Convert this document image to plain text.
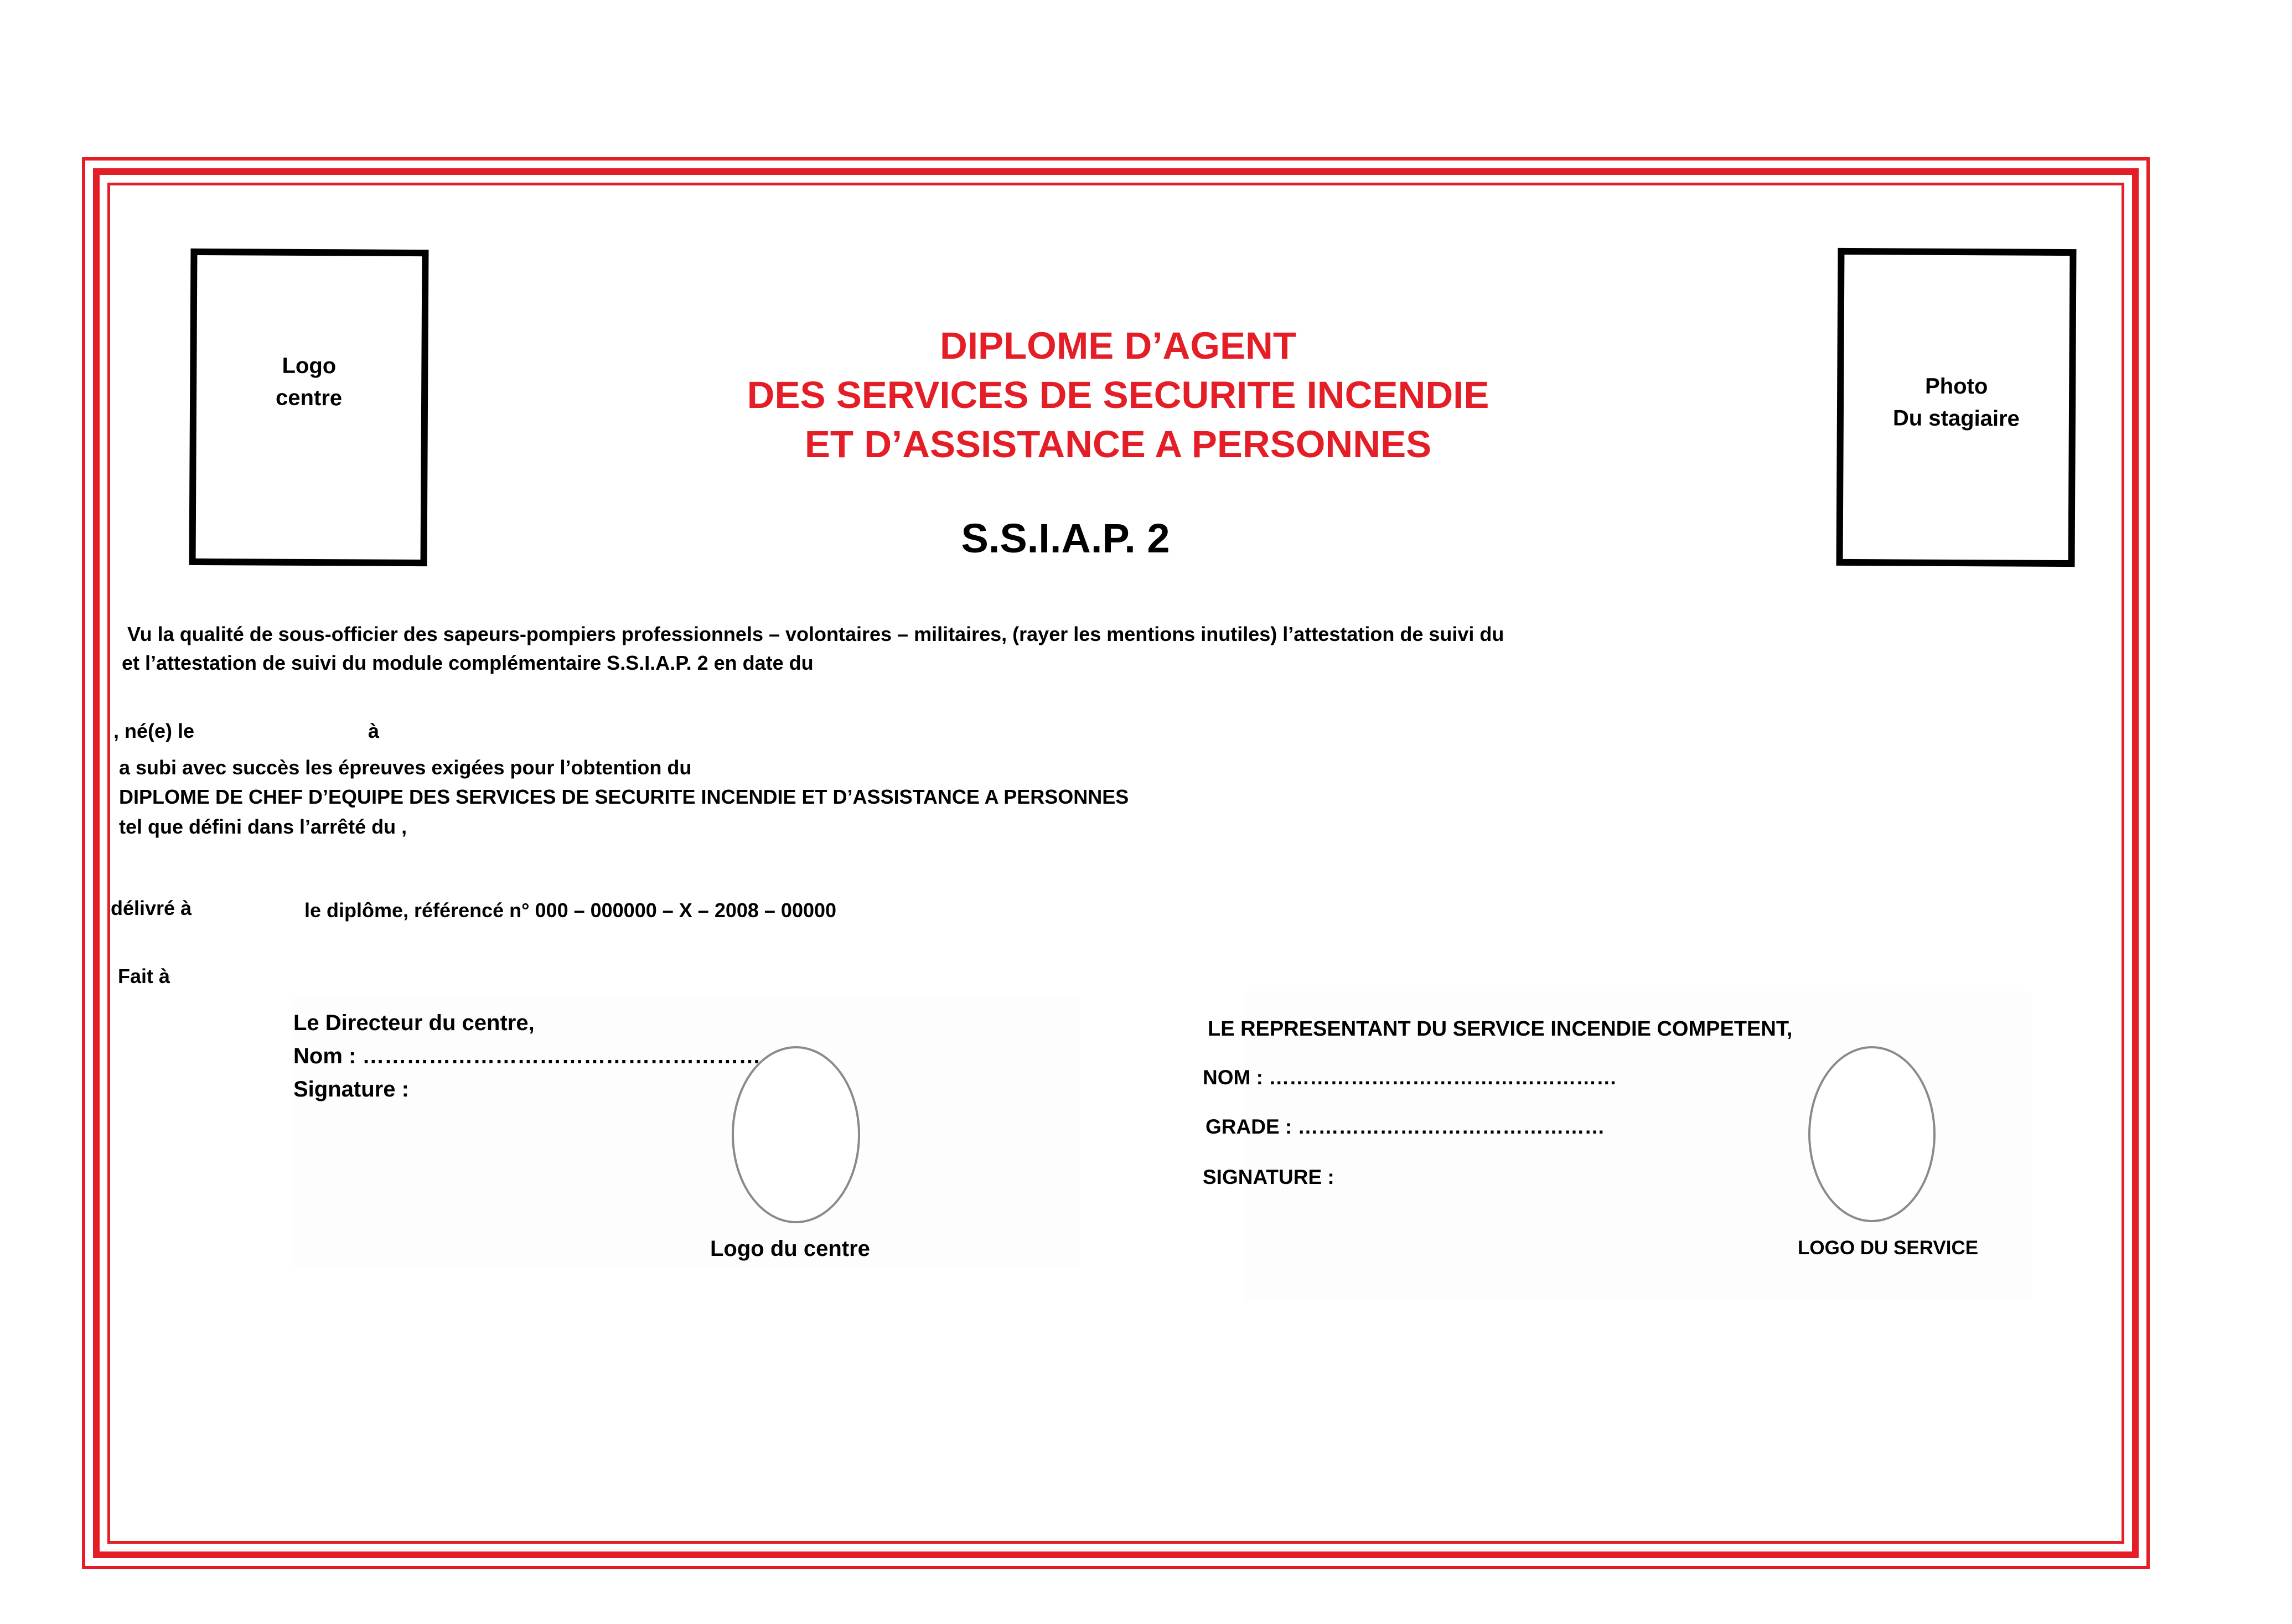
Logo
centre	Photo
Du stagiaire
DIPLOME D’AGENT
DES SERVICES DE SECURITE INCENDIE
ET D’ASSISTANCE A PERSONNES
S.S.I.A.P. 2
Vu la qualité de sous-officier des sapeurs-pompiers professionnels – volontaires – militaires, (rayer les mentions inutiles) l’attestation de suivi du
et l’attestation de suivi du module complémentaire S.S.I.A.P. 2 en date du
, né(e) le	à
a subi avec succès les épreuves exigées pour l’obtention du
DIPLOME DE CHEF D’EQUIPE DES SERVICES DE SECURITE INCENDIE ET D’ASSISTANCE A PERSONNES
tel que défini dans l’arrêté du ,
délivré à	le diplôme, référencé n° 000 – 000000 – X – 2008 – 00000
Fait à
Le Directeur du centre,
Nom : ………………………………………………
Signature :
Logo du centre
LE REPRESENTANT DU SERVICE INCENDIE COMPETENT,
NOM : ……………………………………………
GRADE : ………………………………………
SIGNATURE :
LOGO DU SERVICE
